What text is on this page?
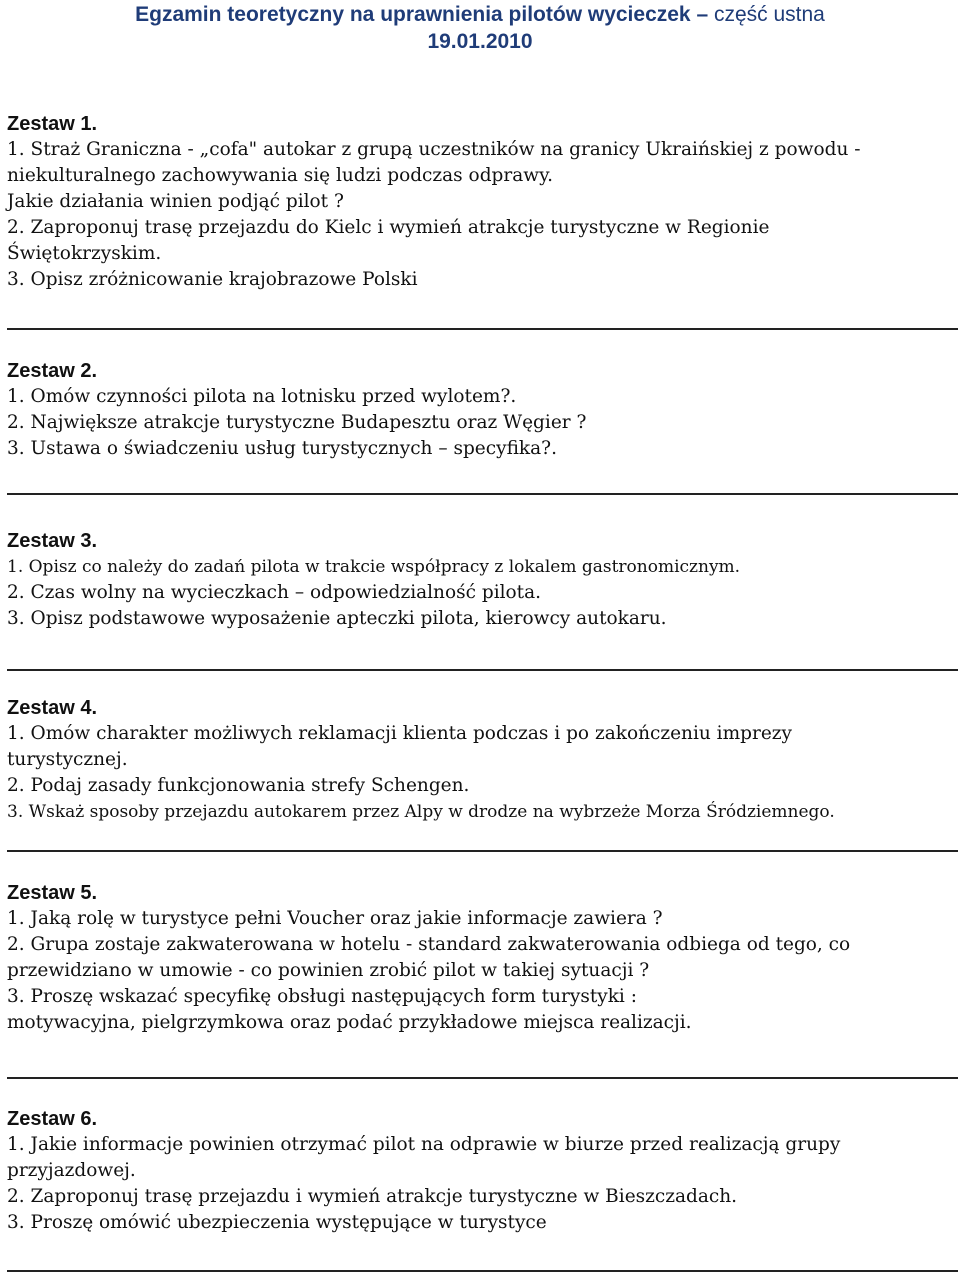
Egzamin teoretyczny na uprawnienia pilotów wycieczek – część ustna
19.01.2010
Zestaw 1.
1. Straż Graniczna - „cofa" autokar z grupą uczestników na granicy Ukraińskiej z powodu -
niekulturalnego zachowywania się ludzi podczas odprawy.
Jakie działania winien podjąć pilot ?
2. Zaproponuj trasę przejazdu do Kielc i wymień atrakcje turystyczne w Regionie
Świętokrzyskim.
3. Opisz zróżnicowanie krajobrazowe Polski
Zestaw 2.
1. Omów czynności pilota na lotnisku przed wylotem?.
2. Największe atrakcje turystyczne Budapesztu oraz Węgier ?
3. Ustawa o świadczeniu usług turystycznych – specyfika?.
Zestaw 3.
1. Opisz co należy do zadań pilota w trakcie współpracy z lokalem gastronomicznym.
2. Czas wolny na wycieczkach – odpowiedzialność pilota.
3. Opisz podstawowe wyposażenie apteczki pilota, kierowcy autokaru.
Zestaw 4.
1. Omów charakter możliwych reklamacji klienta podczas i po zakończeniu imprezy
turystycznej.
2. Podaj zasady funkcjonowania strefy Schengen.
3. Wskaż sposoby przejazdu autokarem przez Alpy w drodze na wybrzeże Morza Śródziemnego.
Zestaw 5.
1. Jaką rolę w turystyce pełni Voucher oraz jakie informacje zawiera ?
2. Grupa zostaje zakwaterowana w hotelu - standard zakwaterowania odbiega od tego, co
przewidziano w umowie - co powinien zrobić pilot w takiej sytuacji ?
3. Proszę wskazać specyfikę obsługi następujących form turystyki :
motywacyjna, pielgrzymkowa oraz podać przykładowe miejsca realizacji.
Zestaw 6.
1. Jakie informacje powinien otrzymać pilot na odprawie w biurze przed realizacją grupy
przyjazdowej.
2. Zaproponuj trasę przejazdu i wymień atrakcje turystyczne w Bieszczadach.
3. Proszę omówić ubezpieczenia występujące w turystyce
